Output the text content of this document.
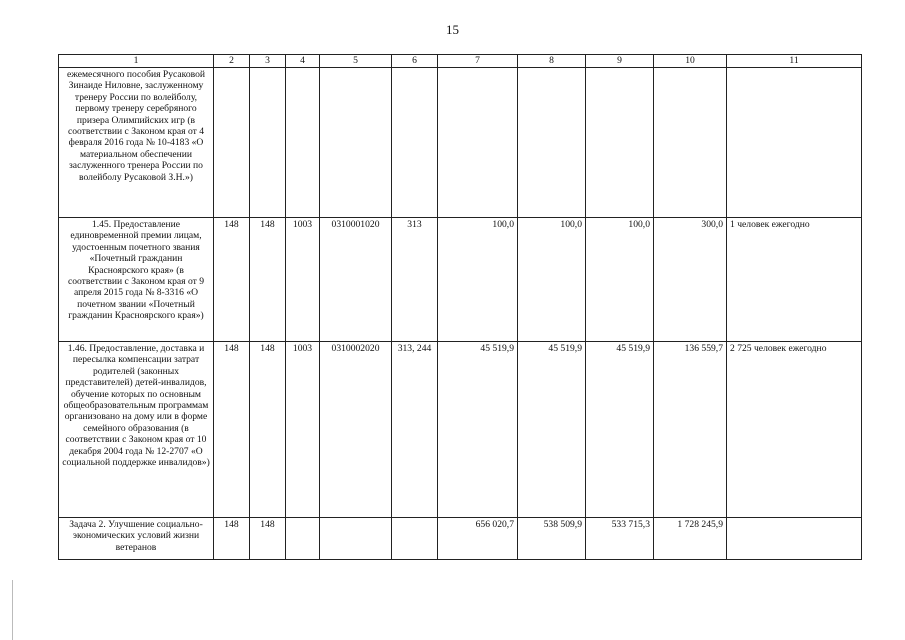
15
1	2	3	4	5	6	7	8	9	10	11
ежемесячного пособия Русаковой Зинаиде Ниловне, заслуженному тренеру России по волейболу, первому тренеру серебряного призера Олимпийских игр (в соответствии с Законом края от 4 февраля 2016 года № 10-4183 «О материальном обеспечении заслуженного тренера России по волейболу Русаковой З.Н.»)										
1.45. Предоставление единовременной премии лицам, удостоенным почетного звания «Почетный гражданин Красноярского края» (в соответствии с Законом края от 9 апреля 2015 года № 8-3316 «О почетном звании «Почетный гражданин Красноярского края»)	148	148	1003	0310001020	313	100,0	100,0	100,0	300,0	1 человек ежегодно
1.46. Предоставление, доставка и пересылка компенсации затрат родителей (законных представителей) детей-инвалидов, обучение которых по основным общеобразовательным программам организовано на дому или в форме семейного образования (в соответствии с Законом края от 10 декабря 2004 года № 12-2707 «О социальной поддержке инвалидов»)	148	148	1003	0310002020	313, 244	45 519,9	45 519,9	45 519,9	136 559,7	2 725 человек ежегодно
Задача 2. Улучшение социально-экономических условий жизни ветеранов	148	148				656 020,7	538 509,9	533 715,3	1 728 245,9	
